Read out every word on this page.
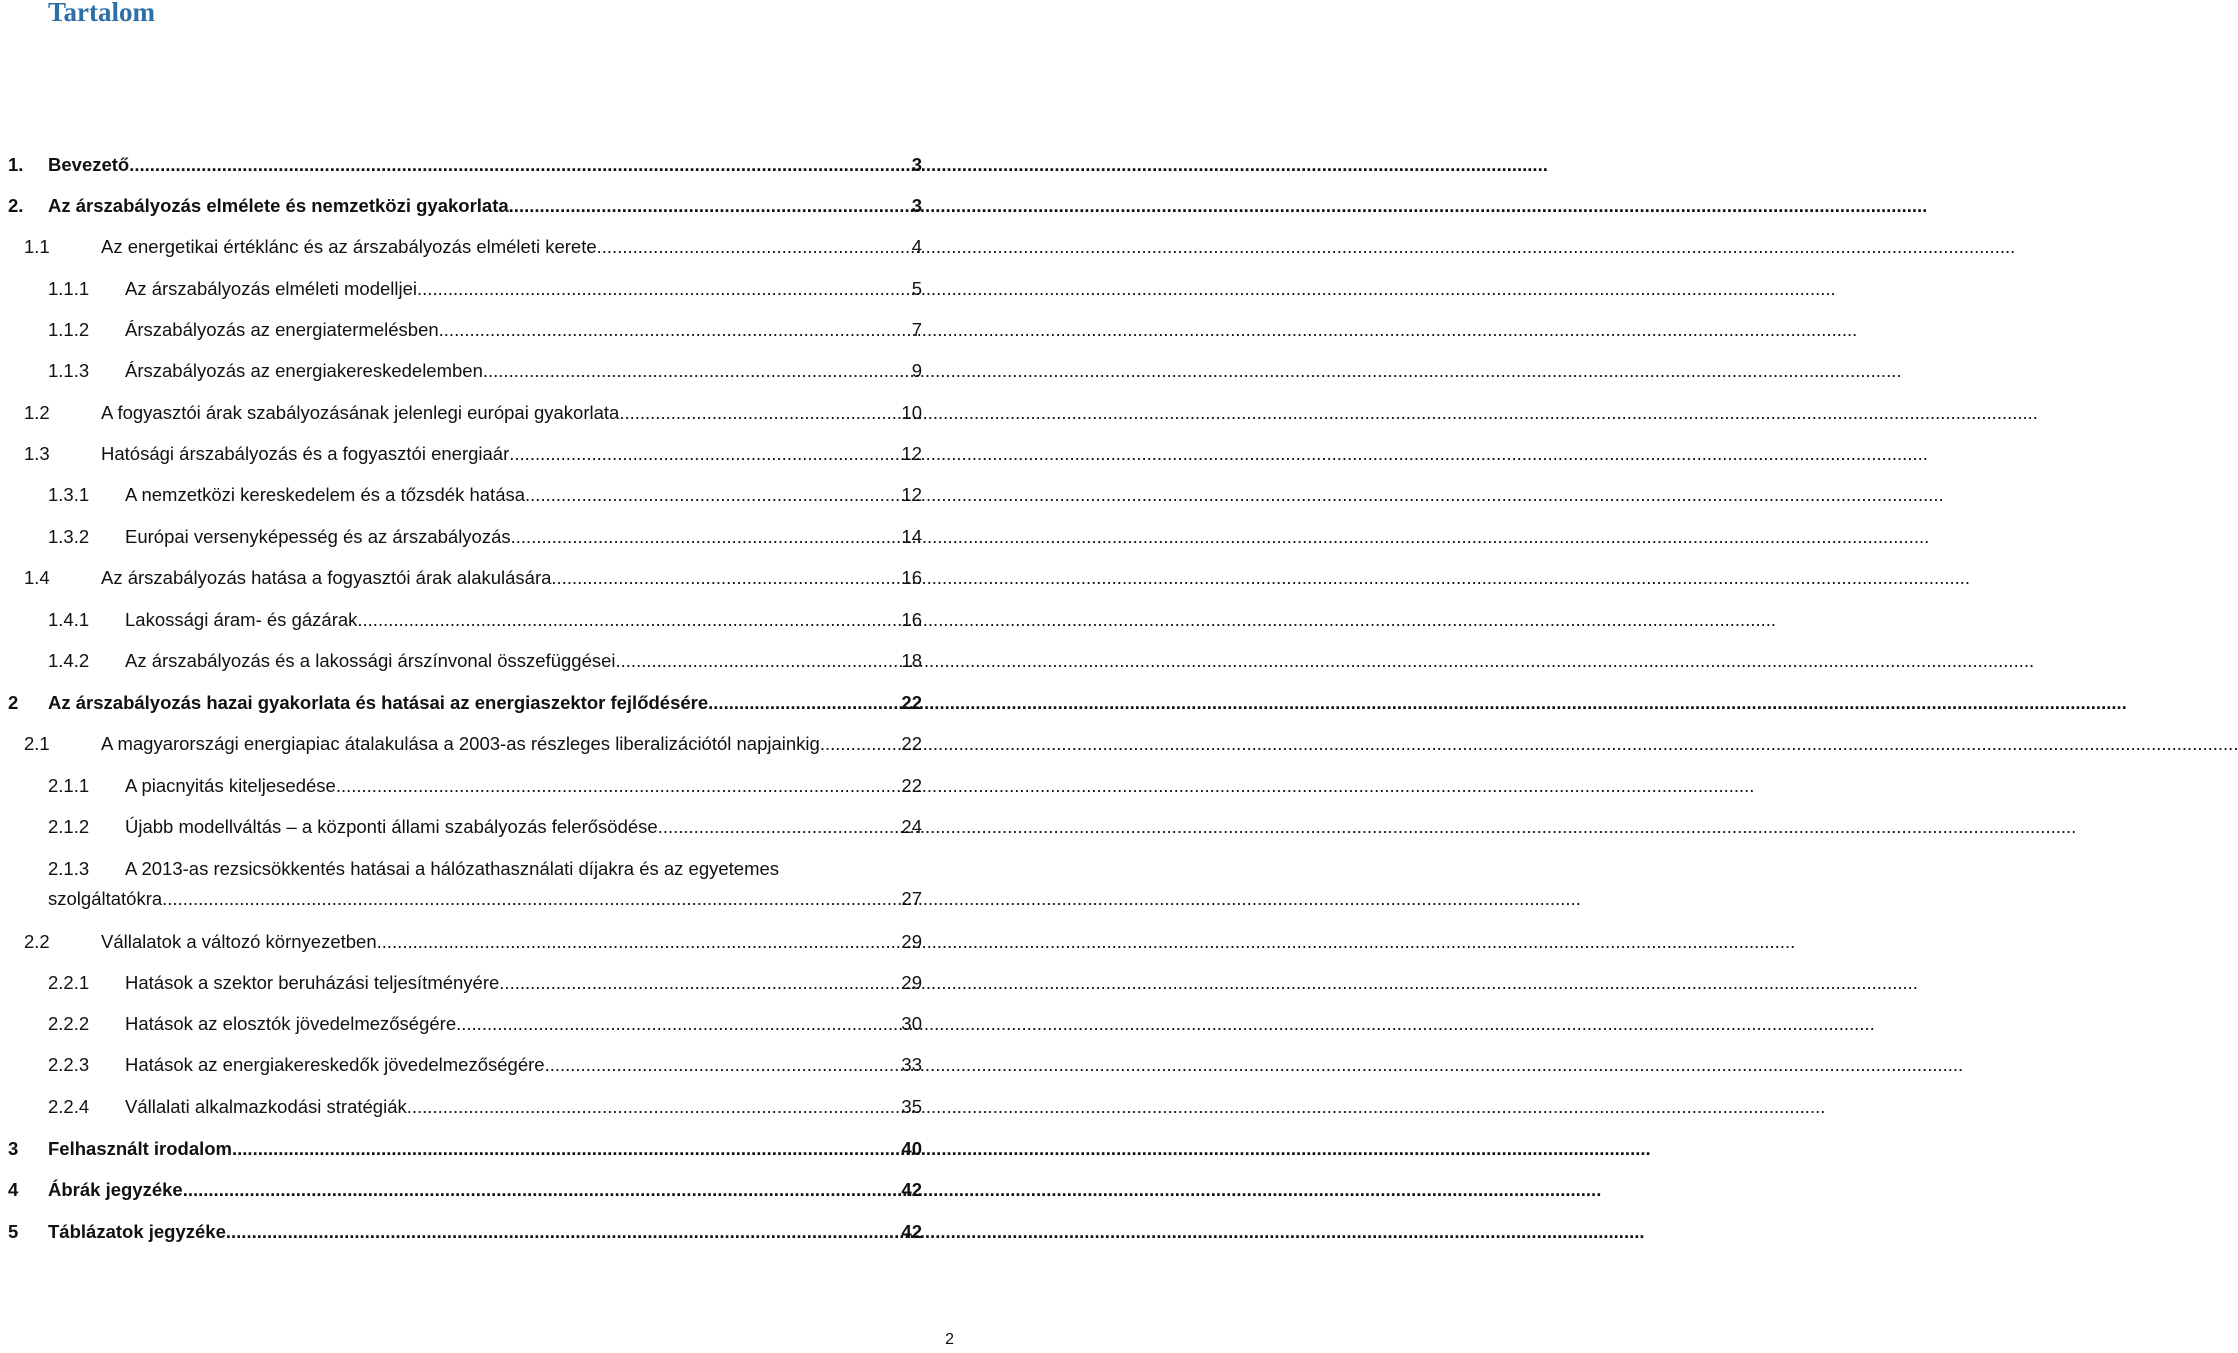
Tartalom
1.	Bevezető .....	3
2.	Az árszabályozás elmélete és nemzetközi gyakorlata .....	3
1.1	Az energetikai értéklánc és az árszabályozás elméleti kerete .....	4
1.1.1	Az árszabályozás elméleti modelljei .....	5
1.1.2	Árszabályozás az energiatermelésben .....	7
1.1.3	Árszabályozás az energiakereskedelemben .....	9
1.2	A fogyasztói árak szabályozásának jelenlegi európai gyakorlata .....	10
1.3	Hatósági árszabályozás és a fogyasztói energiaár .....	12
1.3.1	A nemzetközi kereskedelem és a tőzsdék hatása .....	12
1.3.2	Európai versenyképesség és az árszabályozás .....	14
1.4	Az árszabályozás hatása a fogyasztói árak alakulására .....	16
1.4.1	Lakossági áram- és gázárak .....	16
1.4.2	Az árszabályozás és a lakossági árszínvonal összefüggései .....	18
2	Az árszabályozás hazai gyakorlata és hatásai az energiaszektor fejlődésére .....	22
2.1	A magyarországi energiapiac átalakulása a 2003-as részleges liberalizációtól napjainkig .....	22
2.1.1	A piacnyitás kiteljesedése .....	22
2.1.2	Újabb modellváltás – a központi állami szabályozás felerősödése .....	24
2.1.3	A 2013-as rezsicsökkentés hatásai a hálózathasználati díjakra és az egyetemes
szolgáltatókra .....	27
2.2	Vállalatok a változó környezetben .....	29
2.2.1	Hatások a szektor beruházási teljesítményére .....	29
2.2.2	Hatások az elosztók jövedelmezőségére .....	30
2.2.3	Hatások az energiakereskedők jövedelmezőségére .....	33
2.2.4	Vállalati alkalmazkodási stratégiák .....	35
3	Felhasznált irodalom .....	40
4	Ábrák jegyzéke .....	42
5	Táblázatok jegyzéke .....	42
2
